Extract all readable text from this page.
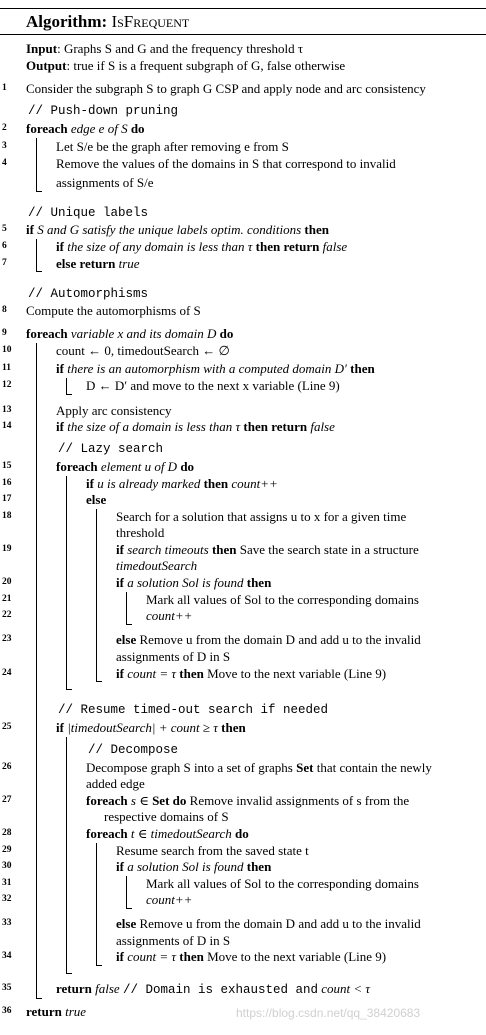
Algorithm: IsFrequent
Input: Graphs S and G and the frequency threshold τ
Output: true if S is a frequent subgraph of G, false otherwise
1
2
3
4
5
6
7
8
9
10
11
12
13
14
15
16
17
18
19
20
21
22
23
24
25
26
27
28
29
30
31
32
33
34
35
36
Consider the subgraph S to graph G CSP and apply node and arc consistency
// Push-down pruning
foreach edge e of S do
Let S/e be the graph after removing e from S
Remove the values of the domains in S that correspond to invalid
assignments of S/e
// Unique labels
if S and G satisfy the unique labels optim. conditions then
if the size of any domain is less than τ then return false
else return true
// Automorphisms
Compute the automorphisms of S
foreach variable x and its domain D do
count ← 0, timedoutSearch ← ∅
if there is an automorphism with a computed domain D′ then
D ← D′ and move to the next x variable (Line 9)
Apply arc consistency
if the size of a domain is less than τ then return false
// Lazy search
foreach element u of D do
if u is already marked then count++
else
Search for a solution that assigns u to x for a given time
threshold
if search timeouts then Save the search state in a structure
timedoutSearch
if a solution Sol is found then
Mark all values of Sol to the corresponding domains
count++
else Remove u from the domain D and add u to the invalid
assignments of D in S
if count = τ then Move to the next variable (Line 9)
// Resume timed-out search if needed
if |timedoutSearch| + count ≥ τ then
// Decompose
Decompose graph S into a set of graphs Set that contain the newly
added edge
foreach s ∈ Set do Remove invalid assignments of s from the
respective domains of S
foreach t ∈ timedoutSearch do
Resume search from the saved state t
if a solution Sol is found then
Mark all values of Sol to the corresponding domains
count++
else Remove u from the domain D and add u to the invalid
assignments of D in S
if count = τ then Move to the next variable (Line 9)
return false // Domain is exhausted and count < τ
return true	https://blog.csdn.net/qq_38420683
